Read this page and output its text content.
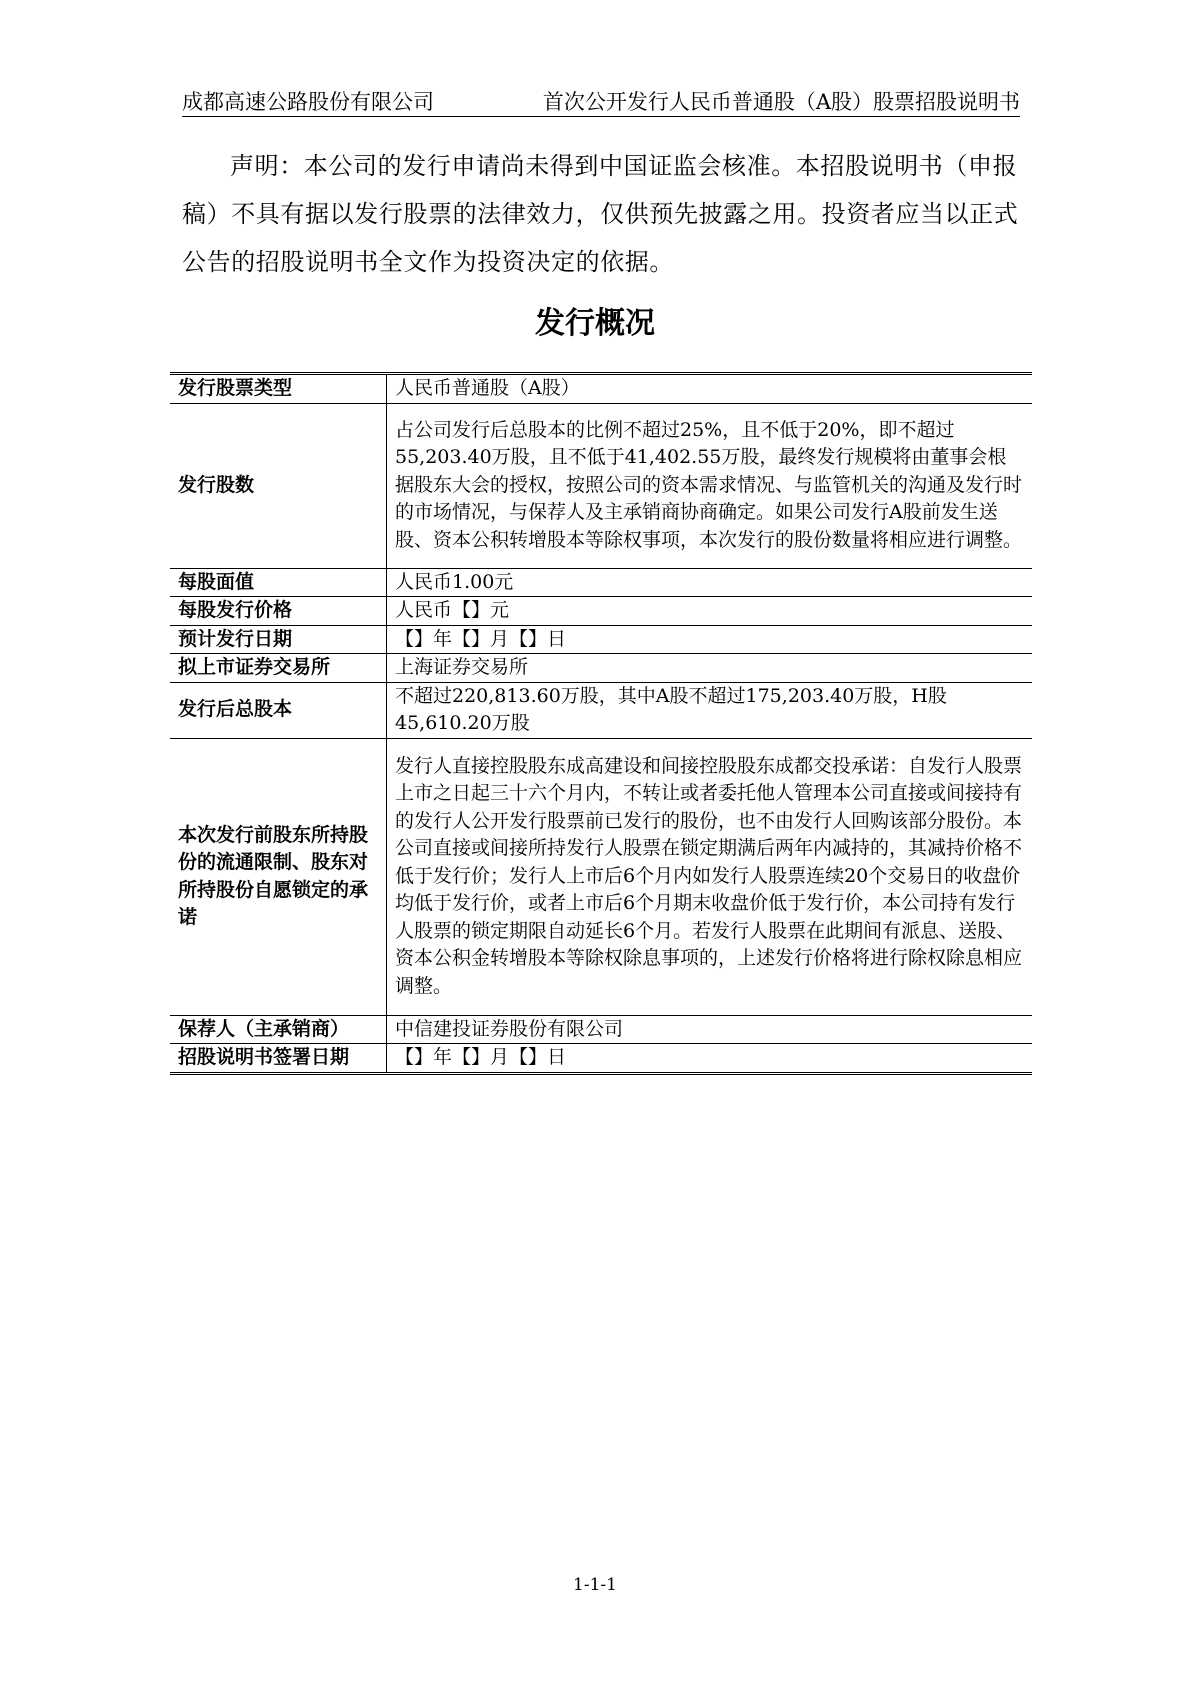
成都高速公路股份有限公司	首次公开发行人民币普通股（A股）股票招股说明书
声明：本公司的发行申请尚未得到中国证监会核准。本招股说明书（申报稿）不具有据以发行股票的法律效力，仅供预先披露之用。投资者应当以正式公告的招股说明书全文作为投资决定的依据。
发行概况
发行股票类型	人民币普通股（A股）
发行股数	占公司发行后总股本的比例不超过25%，且不低于20%，即不超过55,203.40万股，且不低于41,402.55万股，最终发行规模将由董事会根据股东大会的授权，按照公司的资本需求情况、与监管机关的沟通及发行时的市场情况，与保荐人及主承销商协商确定。如果公司发行A股前发生送股、资本公积转增股本等除权事项，本次发行的股份数量将相应进行调整。
每股面值	人民币1.00元
每股发行价格	人民币【】元
预计发行日期	【】年【】月【】日
拟上市证券交易所	上海证券交易所
发行后总股本	不超过220,813.60万股，其中A股不超过175,203.40万股，H股45,610.20万股
本次发行前股东所持股份的流通限制、股东对所持股份自愿锁定的承诺	发行人直接控股股东成高建设和间接控股股东成都交投承诺：自发行人股票上市之日起三十六个月内，不转让或者委托他人管理本公司直接或间接持有的发行人公开发行股票前已发行的股份，也不由发行人回购该部分股份。本公司直接或间接所持发行人股票在锁定期满后两年内减持的，其减持价格不低于发行价；发行人上市后6个月内如发行人股票连续20个交易日的收盘价均低于发行价，或者上市后6个月期末收盘价低于发行价，本公司持有发行人股票的锁定期限自动延长6个月。若发行人股票在此期间有派息、送股、资本公积金转增股本等除权除息事项的，上述发行价格将进行除权除息相应调整。
保荐人（主承销商）	中信建投证券股份有限公司
招股说明书签署日期	【】年【】月【】日
1-1-1
